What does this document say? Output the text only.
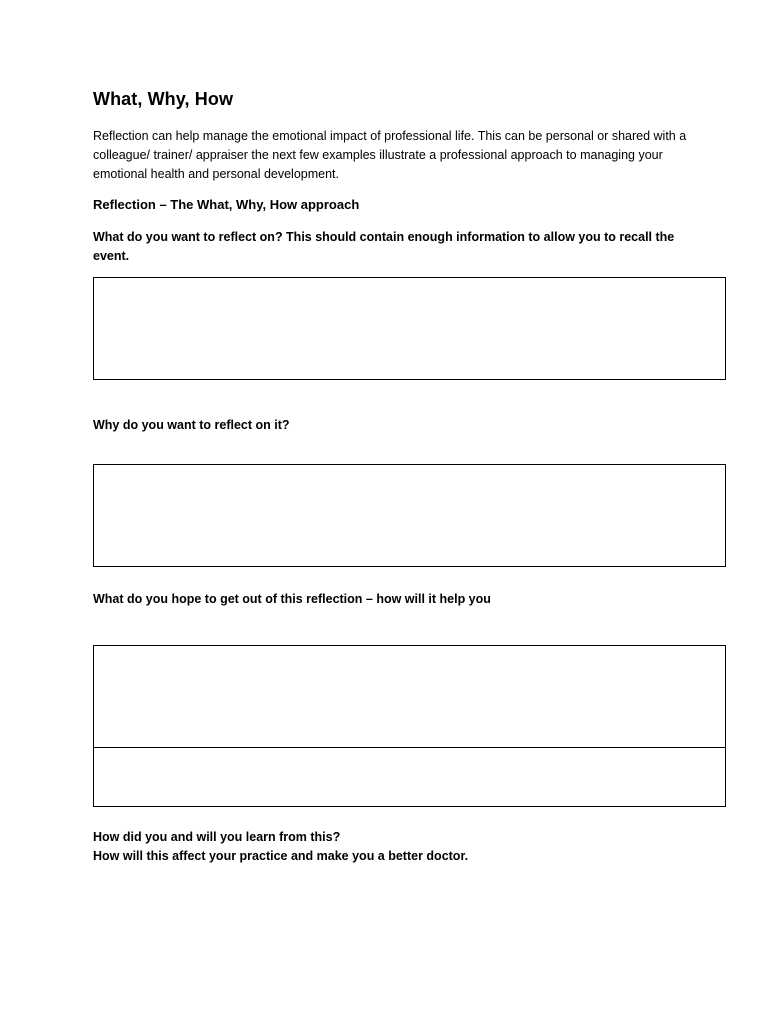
What, Why, How
Reflection can help manage the emotional impact of professional life. This can be personal or shared with a colleague/ trainer/ appraiser the next few examples illustrate a professional approach to managing your emotional health and personal development.
Reflection – The What, Why, How approach
What do you want to reflect on? This should contain enough information to allow you to recall the event.
Why do you want to reflect on it?
What do you hope to get out of this reflection – how will it help you
How did you and will you learn from this?
How will this affect your practice and make you a better doctor.
